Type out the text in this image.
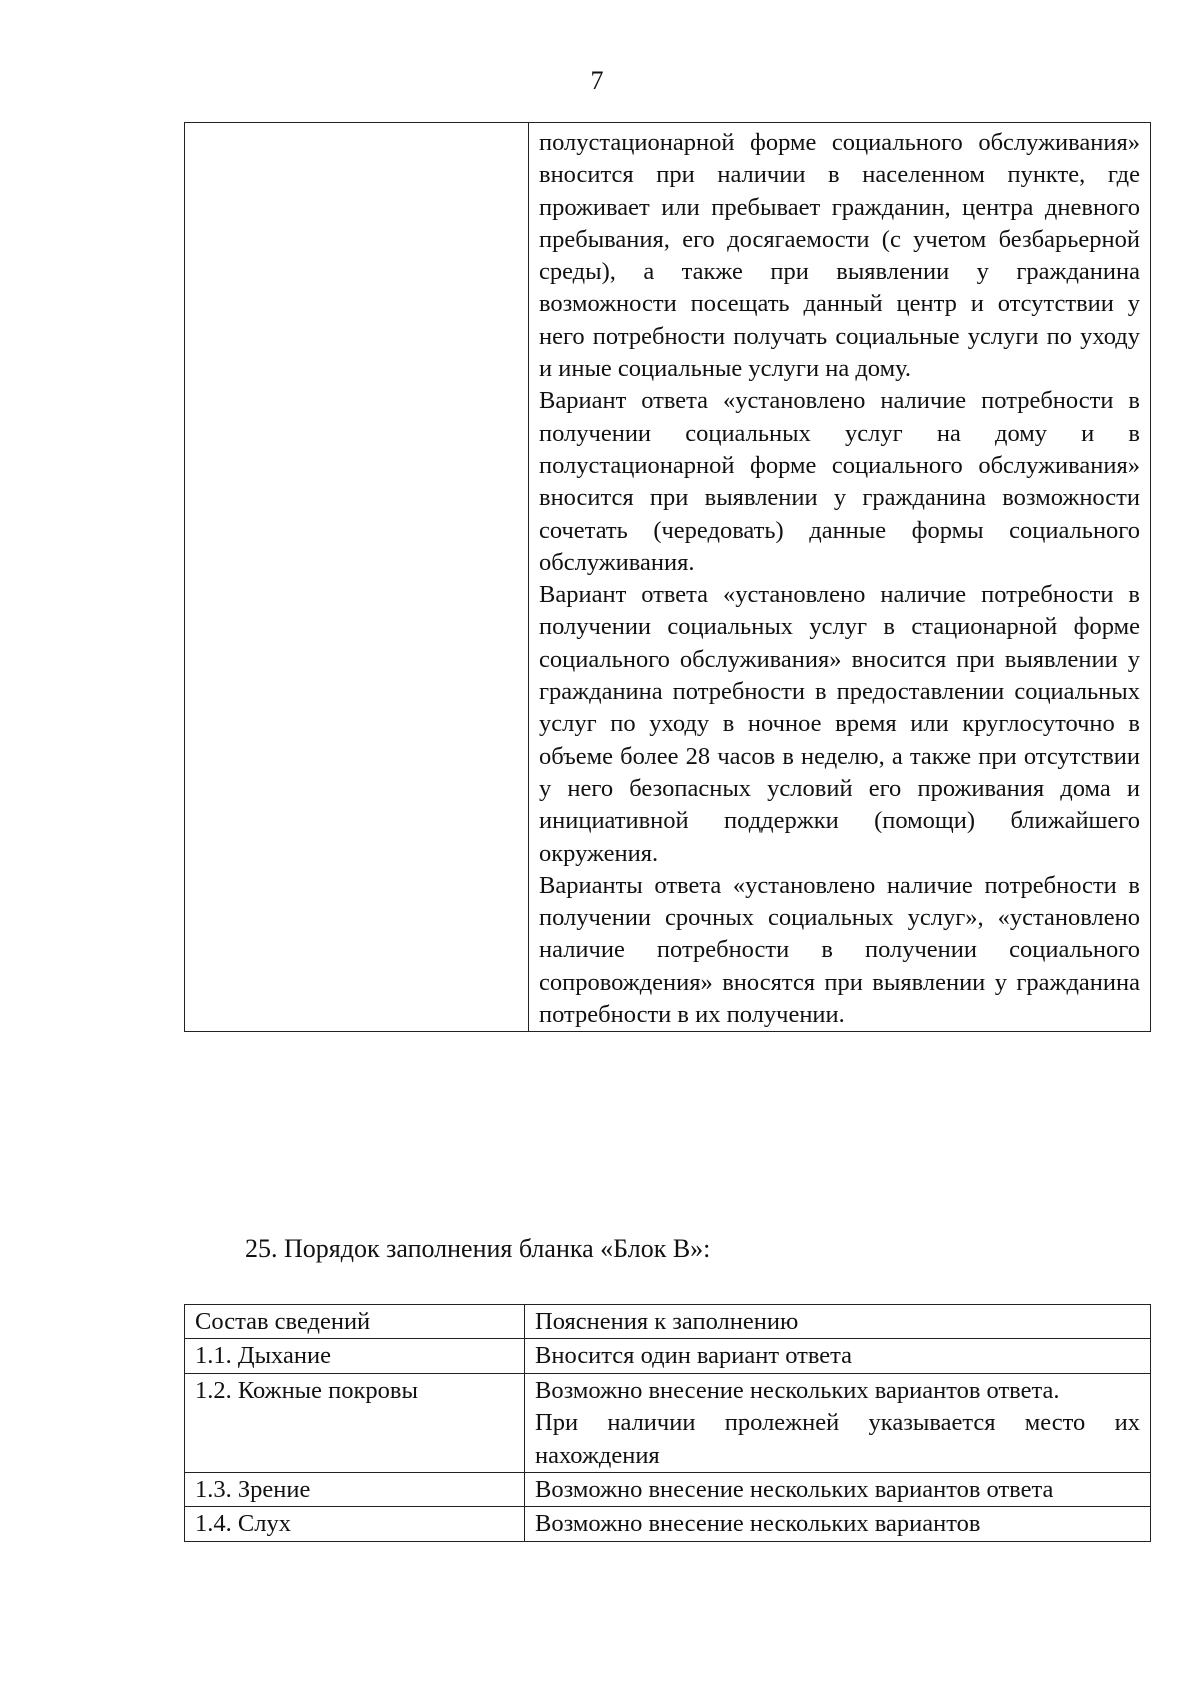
7

полустационарной форме социального обслуживания» вносится при наличии в населенном пункте, где проживает или пребывает гражданин, центра дневного пребывания, его досягаемости (с учетом безбарьерной среды), а также при выявлении у гражданина возможности посещать данный центр и отсутствии у него потребности получать социальные услуги по уходу и иные социальные услуги на дому.

Вариант ответа «установлено наличие потребности в получении социальных услуг на дому и в полустационарной форме социального обслуживания» вносится при выявлении у гражданина возможности сочетать (чередовать) данные формы социального обслуживания.

Вариант ответа «установлено наличие потребности в получении социальных услуг в стационарной форме социального обслуживания» вносится при выявлении у гражданина потребности в предоставлении социальных услуг по уходу в ночное время или круглосуточно в объеме более 28 часов в неделю, а также при отсутствии у него безопасных условий его проживания дома и инициативной поддержки (помощи) ближайшего окружения.

Варианты ответа «установлено наличие потребности в получении срочных социальных услуг», «установлено наличие потребности в получении социального сопровождения» вносятся при выявлении у гражданина потребности в их получении.

25. Порядок заполнения бланка «Блок В»:
Состав сведений	Пояснения к заполнению
1.1. Дыхание	Вносится один вариант ответа

1.2. Кожные покровы	Возможно внесение нескольких вариантов ответа.

При наличии пролежней указывается место их нахождения

1.3. Зрение	Возможно внесение нескольких вариантов ответа

1.4. Слух	Возможно внесение нескольких вариантов
